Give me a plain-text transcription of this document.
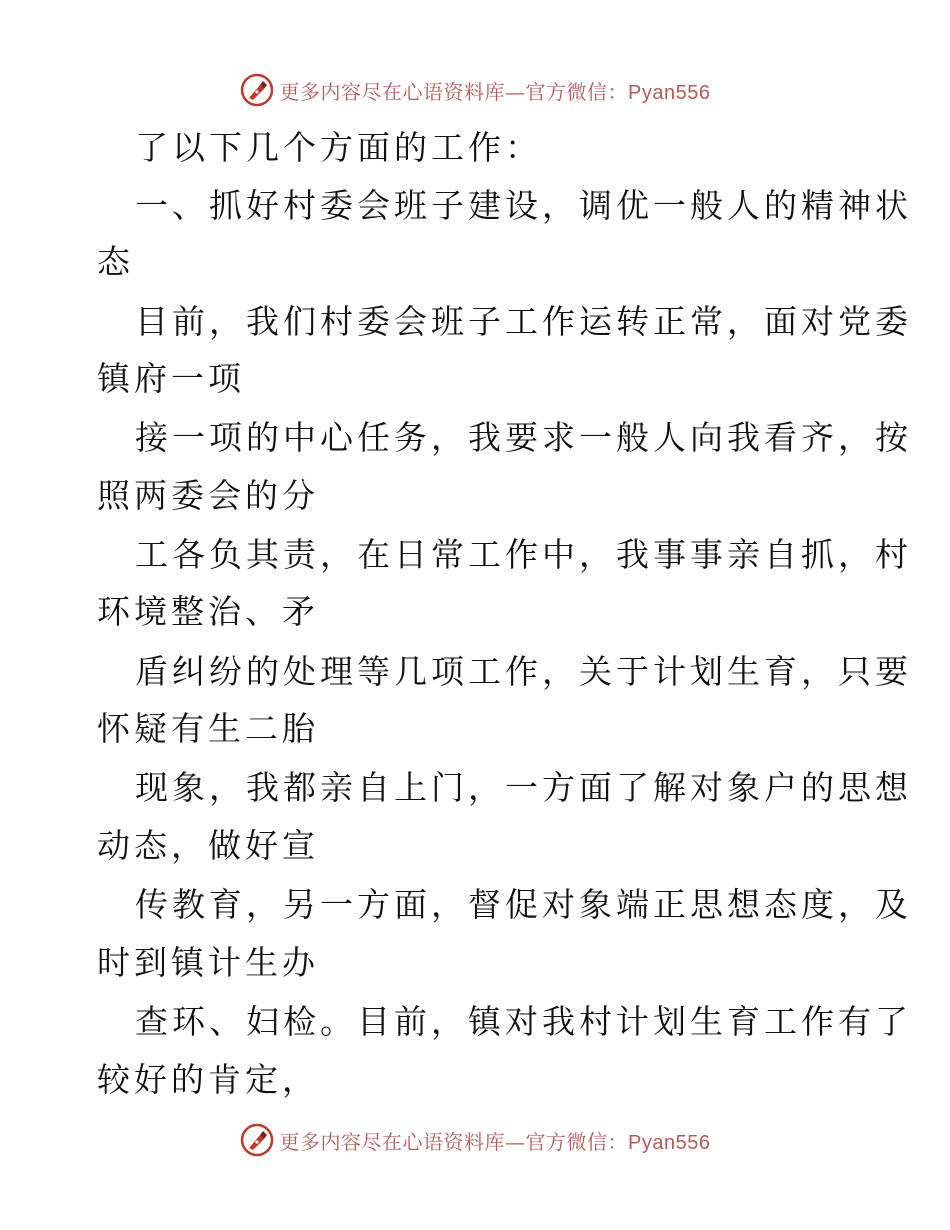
更多内容尽在心语资料库—官方微信：Pyan556
了以下几个方面的工作：
一、抓好村委会班子建设，调优一般人的精神状
态
目前，我们村委会班子工作运转正常，面对党委
镇府一项
接一项的中心任务，我要求一般人向我看齐，按
照两委会的分
工各负其责，在日常工作中，我事事亲自抓，村
环境整治、矛
盾纠纷的处理等几项工作，关于计划生育，只要
怀疑有生二胎
现象，我都亲自上门，一方面了解对象户的思想
动态，做好宣
传教育，另一方面，督促对象端正思想态度，及
时到镇计生办
查环、妇检。目前，镇对我村计划生育工作有了
较好的肯定，
更多内容尽在心语资料库—官方微信：Pyan556
